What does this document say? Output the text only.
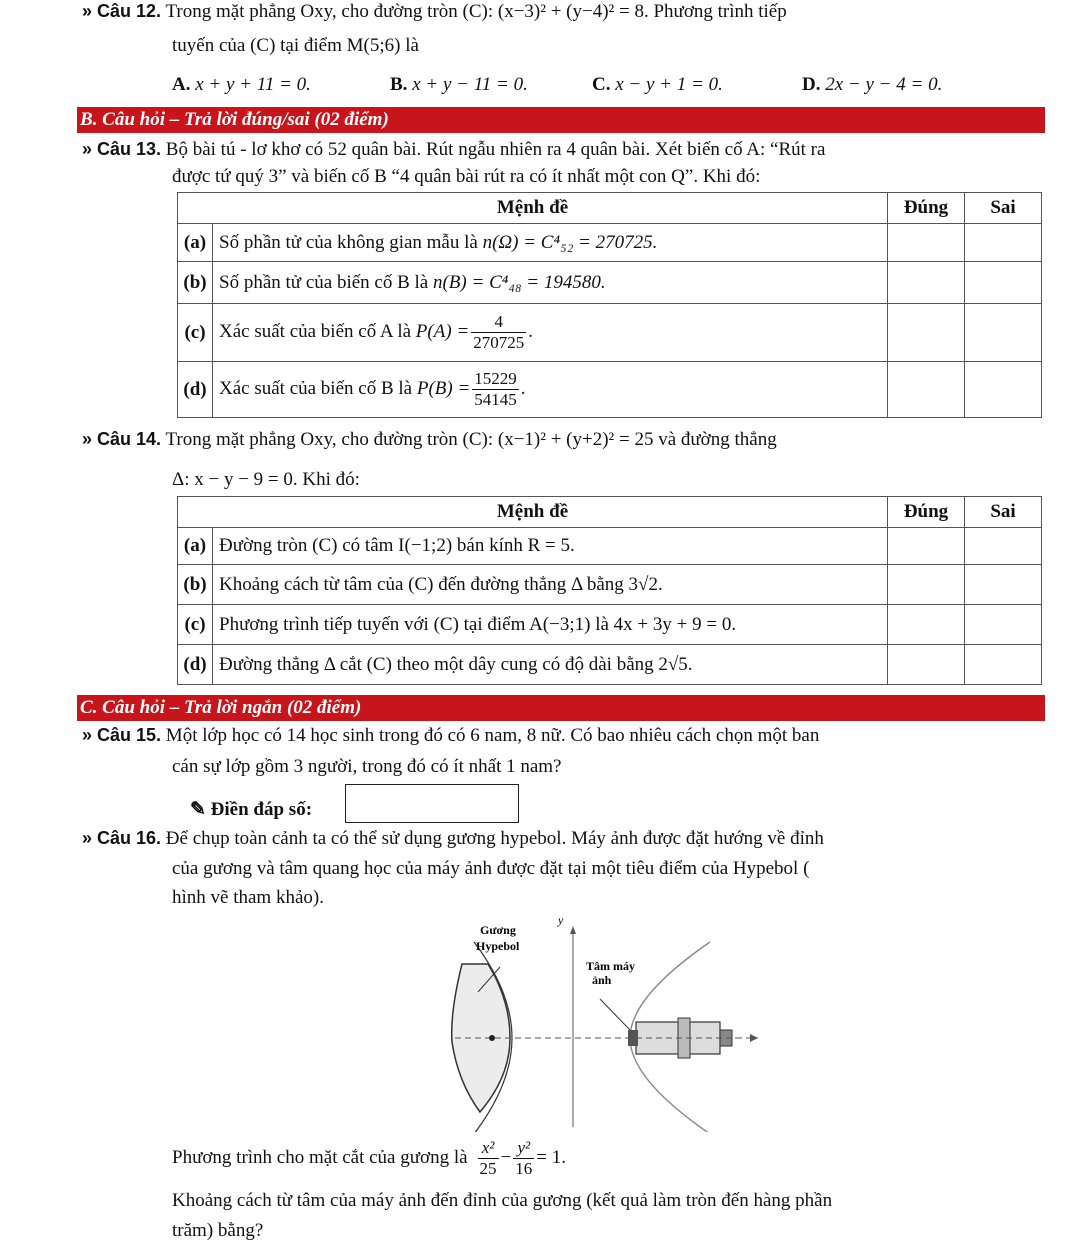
» Câu 12. Trong mặt phẳng Oxy, cho đường tròn (C): (x−3)² + (y−4)² = 8. Phương trình tiếp
tuyến của (C) tại điểm M(5;6) là
A. x + y + 11 = 0.	B. x + y − 11 = 0.	C. x − y + 1 = 0.	D. 2x − y − 4 = 0.
B. Câu hỏi – Trả lời đúng/sai (02 điểm)
» Câu 13. Bộ bài tú - lơ khơ có 52 quân bài. Rút ngẫu nhiên ra 4 quân bài. Xét biến cố A: “Rút ra
được tứ quý 3” và biến cố B “4 quân bài rút ra có ít nhất một con Q”. Khi đó:
Mệnh đề		Đúng	Sai
(a)	Số phần tử của không gian mẫu là n(Ω) = C⁴₅₂ = 270725.		
(b)	Số phần tử của biến cố B là n(B) = C⁴₄₈ = 194580.		
(c)	Xác suất của biến cố A là $P(A) = \frac{4}{270725}$ .		
(d)	Xác suất của biến cố B là $P(B) = \frac{15229}{54145}$ .		
» Câu 14. Trong mặt phẳng Oxy, cho đường tròn (C): (x−1)² + (y+2)² = 25 và đường thẳng
Δ: x − y − 9 = 0. Khi đó:
Mệnh đề		Đúng	Sai
(a)	Đường tròn (C) có tâm I(−1;2) bán kính R = 5.		
(b)	Khoảng cách từ tâm của (C) đến đường thẳng Δ bằng 3√2.		
(c)	Phương trình tiếp tuyến với (C) tại điểm A(−3;1) là 4x + 3y + 9 = 0.		
(d)	Đường thẳng Δ cắt (C) theo một dây cung có độ dài bằng 2√5.		
C. Câu hỏi – Trả lời ngắn (02 điểm)
» Câu 15. Một lớp học có 14 học sinh trong đó có 6 nam, 8 nữ. Có bao nhiêu cách chọn một ban
cán sự lớp gồm 3 người, trong đó có ít nhất 1 nam?
✎ Điền đáp số:
» Câu 16. Để chụp toàn cảnh ta có thể sử dụng gương hypebol. Máy ảnh được đặt hướng về đỉnh
của gương và tâm quang học của máy ảnh được đặt tại một tiêu điểm của Hypebol (
hình vẽ tham khảo).
Gương
Hypebol
y
Tâm máy
ảnh
Phương trình cho mặt cắt của gương là $\frac{\text{x²}}{25} - \frac{\text{y²}}{16} = 1$.
Khoảng cách từ tâm của máy ảnh đến đỉnh của gương (kết quả làm tròn đến hàng phần
trăm) bằng?
